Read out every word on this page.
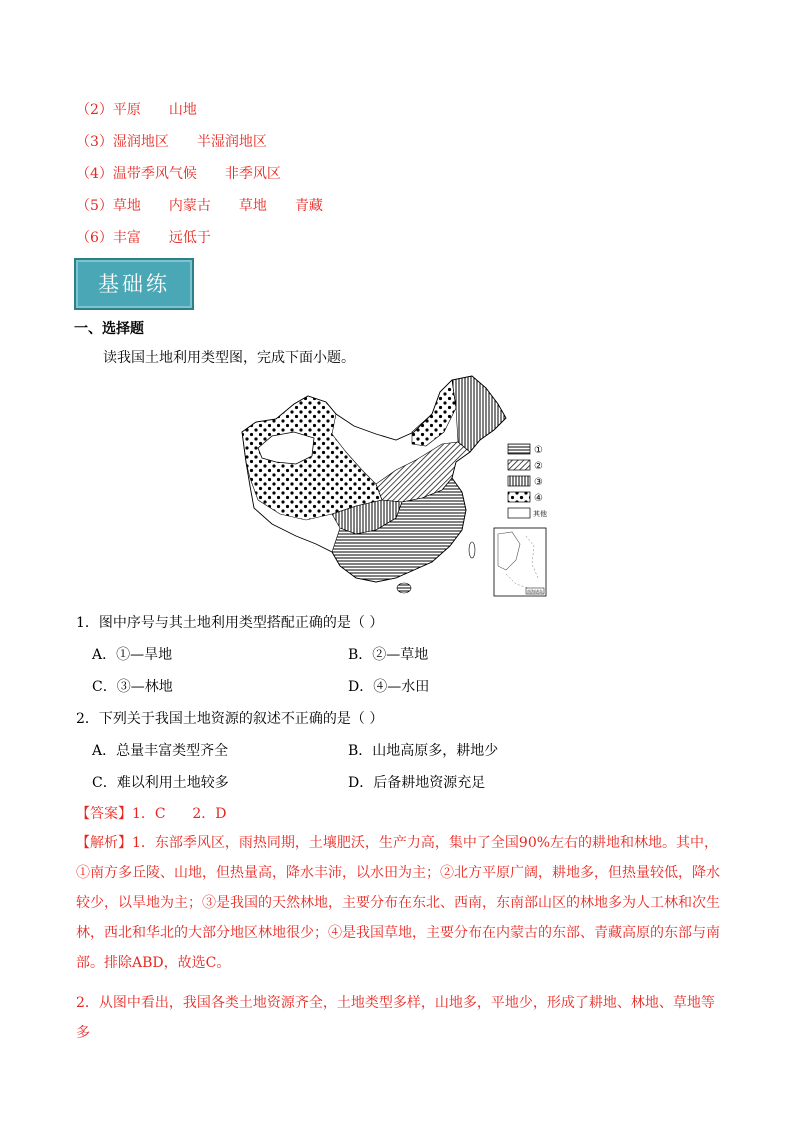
（2）平原 山地
（3）湿润地区 半湿润地区
（4）温带季风气候 非季风区
（5）草地 内蒙古 草地 青藏
（6）丰富 远低于
基础练
一、选择题
读我国土地利用类型图，完成下面小题。
①
②
③
④
其他
南海诸岛
1．图中序号与其土地利用类型搭配正确的是（ ）
A．①—旱地	B．②—草地
C．③—林地	D．④—水田
2．下列关于我国土地资源的叙述不正确的是（ ）
A．总量丰富类型齐全	B．山地高原多，耕地少
C．难以利用土地较多	D．后备耕地资源充足
【答案】1．C      2．D
【解析】1．东部季风区，雨热同期，土壤肥沃，生产力高，集中了全国90%左右的耕地和林地。其中，①南方多丘陵、山地，但热量高，降水丰沛，以水田为主；②北方平原广阔，耕地多，但热量较低，降水较少，以旱地为主；③是我国的天然林地，主要分布在东北、西南，东南部山区的林地多为人工林和次生林，西北和华北的大部分地区林地很少；④是我国草地，主要分布在内蒙古的东部、青藏高原的东部与南部。排除ABD，故选C。
2．从图中看出，我国各类土地资源齐全，土地类型多样，山地多，平地少，形成了耕地、林地、草地等多
